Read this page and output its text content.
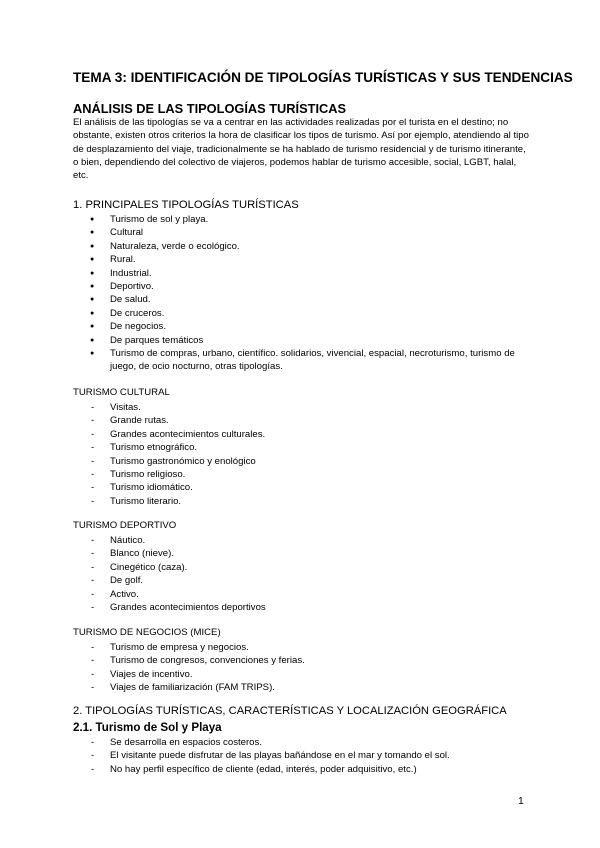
TEMA 3: IDENTIFICACIÓN DE TIPOLOGÍAS TURÍSTICAS Y SUS TENDENCIAS
ANÁLISIS DE LAS TIPOLOGÍAS TURÍSTICAS
El análisis de las tipologías se va a centrar en las actividades realizadas por el turista en el destino; no obstante, existen otros criterios la hora de clasificar los tipos de turismo. Así por ejemplo, atendiendo al tipo de desplazamiento del viaje, tradicionalmente se ha hablado de turismo residencial y de turismo itinerante, o bien, dependiendo del colectivo de viajeros, podemos hablar de turismo accesible, social, LGBT, halal, etc.
1. PRINCIPALES TIPOLOGÍAS TURÍSTICAS
● Turismo de sol y playa.
● Cultural
● Naturaleza, verde o ecológico.
● Rural.
● Industrial.
● Deportivo.
● De salud.
● De cruceros.
● De negocios.
● De parques temáticos
● Turismo de compras, urbano, científico. solidarios, vivencial, espacial, necroturismo, turismo de juego, de ocio nocturno, otras tipologías.
TURISMO CULTURAL
- Visitas.
- Grande rutas.
- Grandes acontecimientos culturales.
- Turismo etnográfico.
- Turismo gastronómico y enológico
- Turismo religioso.
- Turismo idiomático.
- Turismo literario.
TURISMO DEPORTIVO
- Náutico.
- Blanco (nieve).
- Cinegético (caza).
- De golf.
- Activo.
- Grandes acontecimientos deportivos
TURISMO DE NEGOCIOS (MICE)
- Turismo de empresa y negocios.
- Turismo de congresos, convenciones y ferias.
- Viajes de incentivo.
- Viajes de familiarización (FAM TRIPS).
2. TIPOLOGÍAS TURÍSTICAS, CARACTERÍSTICAS Y LOCALIZACIÓN GEOGRÁFICA
2.1. Turismo de Sol y Playa
- Se desarrolla en espacios costeros.
- El visitante puede disfrutar de las playas bañándose en el mar y tomando el sol.
- No hay perfil específico de cliente (edad, interés, poder adquisitivo, etc.)
1
